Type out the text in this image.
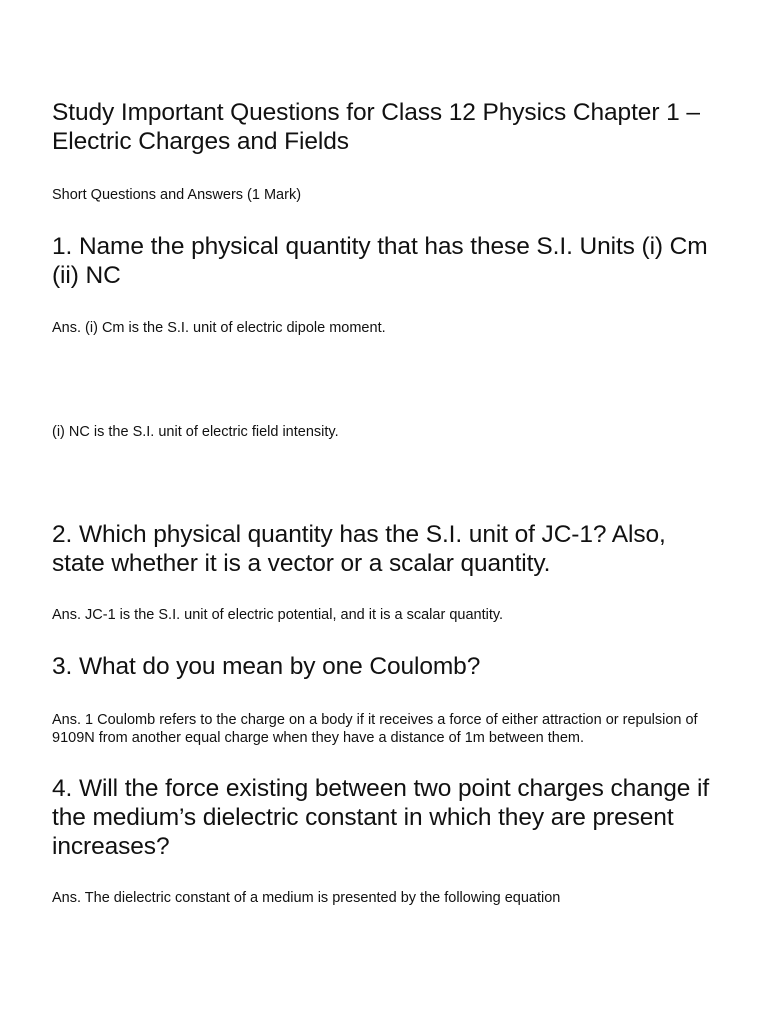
Study Important Questions for Class 12 Physics Chapter 1 – Electric Charges and Fields

Short Questions and Answers (1 Mark)

1. Name the physical quantity that has these S.I. Units (i) Cm (ii) NC

Ans. (i) Cm is the S.I. unit of electric dipole moment.

(i) NC is the S.I. unit of electric field intensity.

2. Which physical quantity has the S.I. unit of JC-1? Also, state whether it is a vector or a scalar quantity.

Ans. JC-1 is the S.I. unit of electric potential, and it is a scalar quantity.

3. What do you mean by one Coulomb?

Ans. 1 Coulomb refers to the charge on a body if it receives a force of either attraction or repulsion of 9109N from another equal charge when they have a distance of 1m between them.

4. Will the force existing between two point charges change if the medium’s dielectric constant in which they are present increases?

Ans. The dielectric constant of a medium is presented by the following equation
